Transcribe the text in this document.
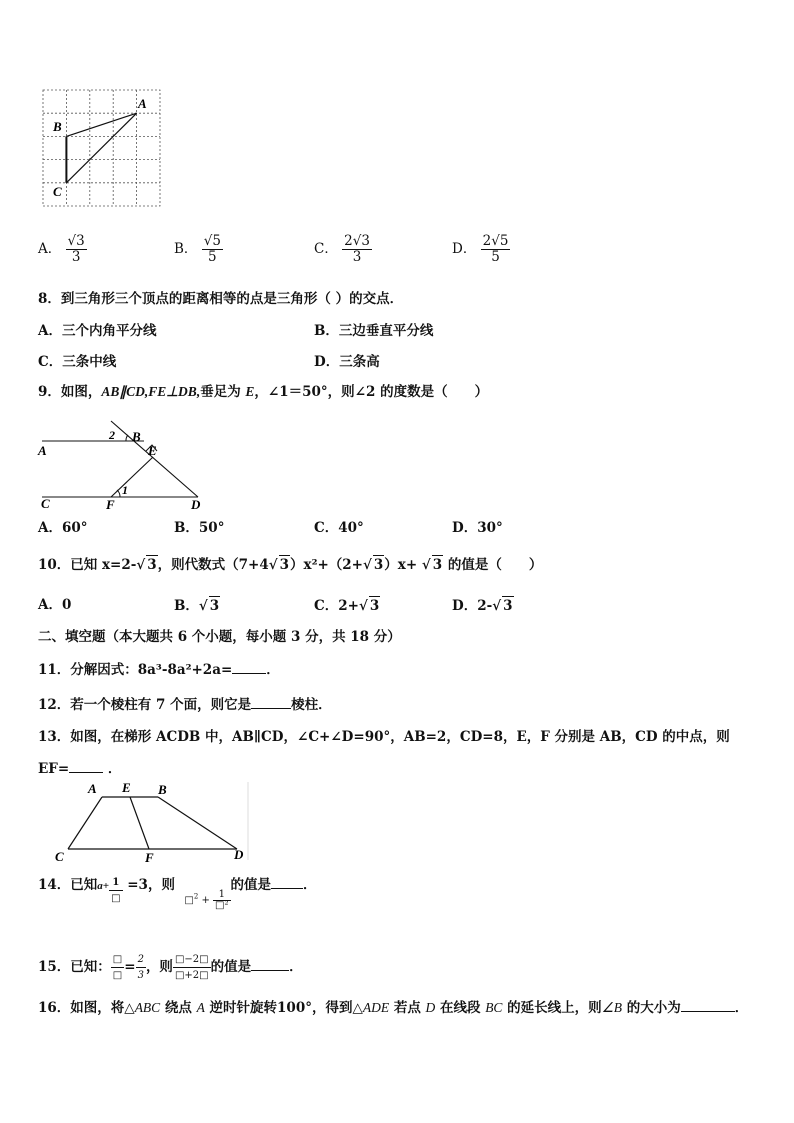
A
B
C
A． $\frac{√3}{3}$	B． $\frac{√5}{5}$	C． $\frac{2√3}{3}$	D． $\frac{2√5}{5}$
8．到三角形三个顶点的距离相等的点是三角形（ ）的交点．
A．三个内角平分线	B．三边垂直平分线
C．三条中线	D．三条高
9．如图，AB∥CD,FE⊥DB,垂足为 E，∠1＝50°，则∠2 的度数是（　　）
A
B
E
C	F	D
1
2
A．60°	B．50°	C．40°	D．30°
10．已知 x=2-√ 3，则代数式（7+4√ 3）x²+（2+√ 3）x+ √ 3 的值是（　　）
A．0	B．√ 3	C．2+√ 3	D．2-√ 3
二、填空题（本大题共 6 个小题，每小题 3 分，共 18 分）
11．分解因式：8a³-8a²+2a=	．
12．若一个棱柱有 7 个面，则它是	棱柱．
13．如图，在梯形 ACDB 中，AB∥CD，∠C+∠D=90°，AB=2，CD=8，E，F 分别是 AB，CD 的中点，则
EF=	．
A E B
C	F	D
14．已知$a+ \frac{1}{□} =3$，则  $_{□^2 + \frac{1}{\text{□²}}}$
的值是 ．
15．已知： $\frac{□}{□} = \frac{2}{3}$ ，则 $\frac{□-2□}{□+2□}$ 的值是	．
16．如图，将△ABC 绕点 A 逆时针旋转100°，得到△ADE 若点 D 在线段 BC 的延长线上，则∠B 的大小为	．
